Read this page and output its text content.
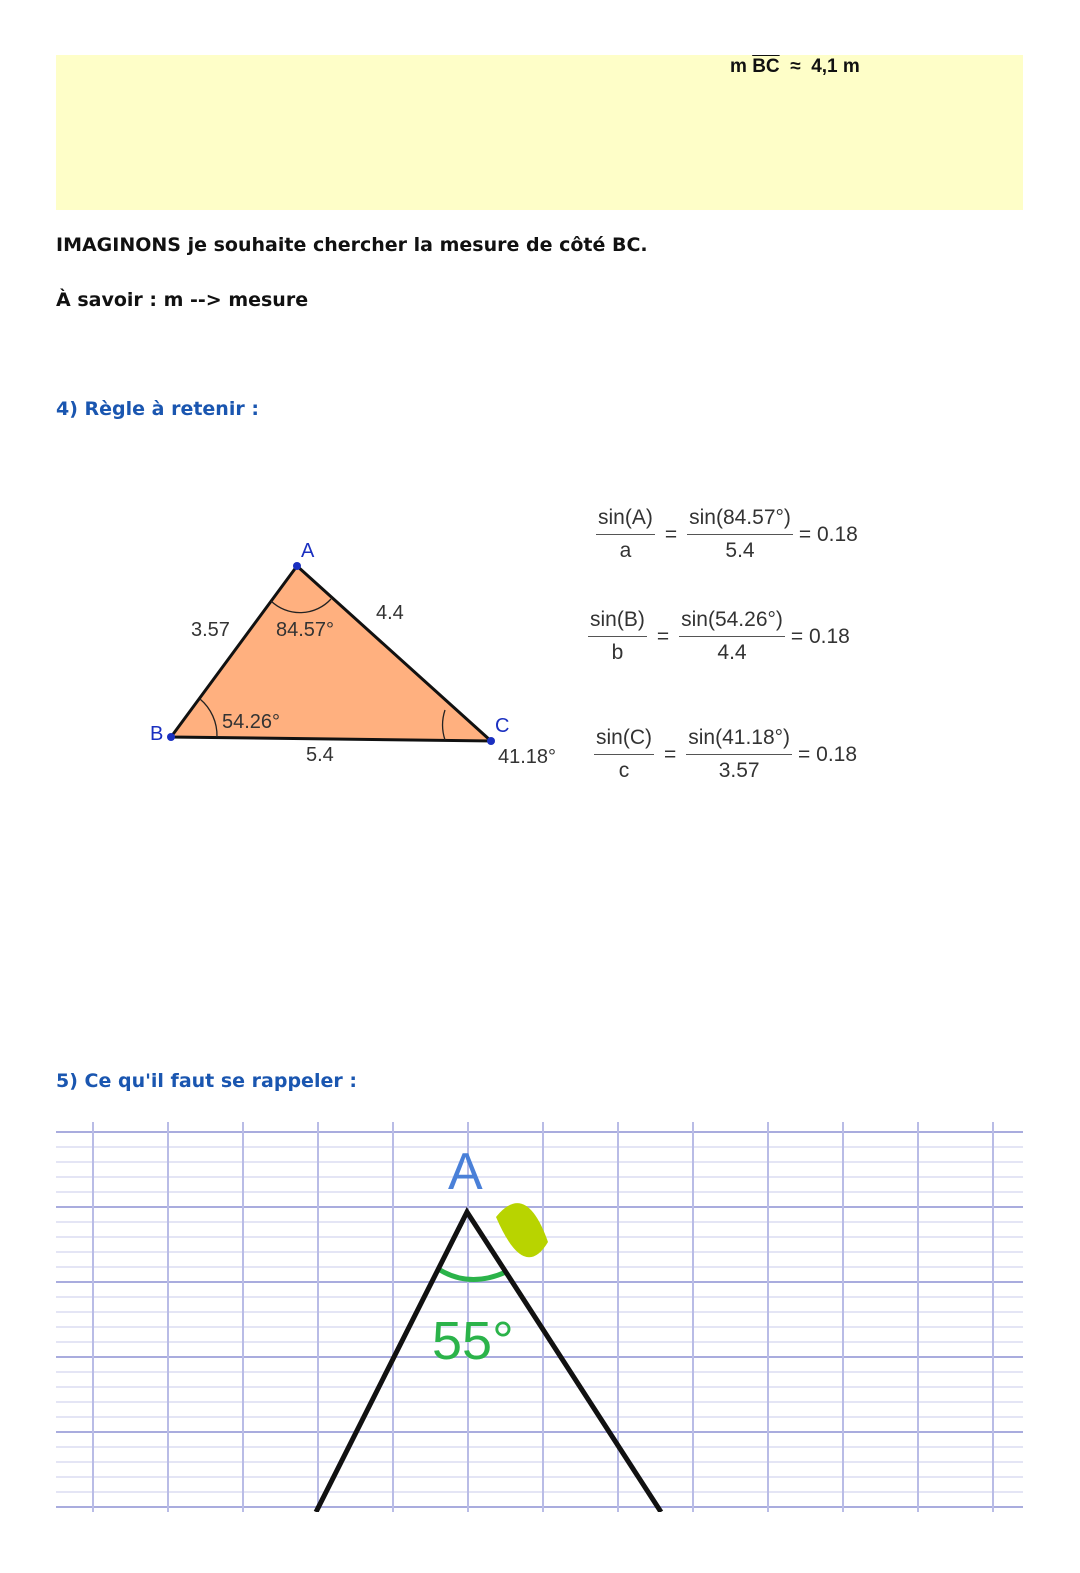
m $\overline{BC} \approx 4,1$ m
IMAGINONS je souhaite chercher la mesure de côté BC.
À savoir : m --> mesure
4) Règle à retenir :
A
B	C
3.57
4.4
5.4
84.57°
54.26°
41.18°
$\frac{\sin(A)}{a} = \frac{\sin(84.57^\circ)}{5.4} = 0.18$
$\frac{\sin(B)}{b} = \frac{\sin(54.26^\circ)}{4.4} = 0.18$
$\frac{\sin(C)}{c} = \frac{\sin(41.18^\circ)}{3.57} = 0.18$
5) Ce qu'il faut se rappeler :
A
55°
